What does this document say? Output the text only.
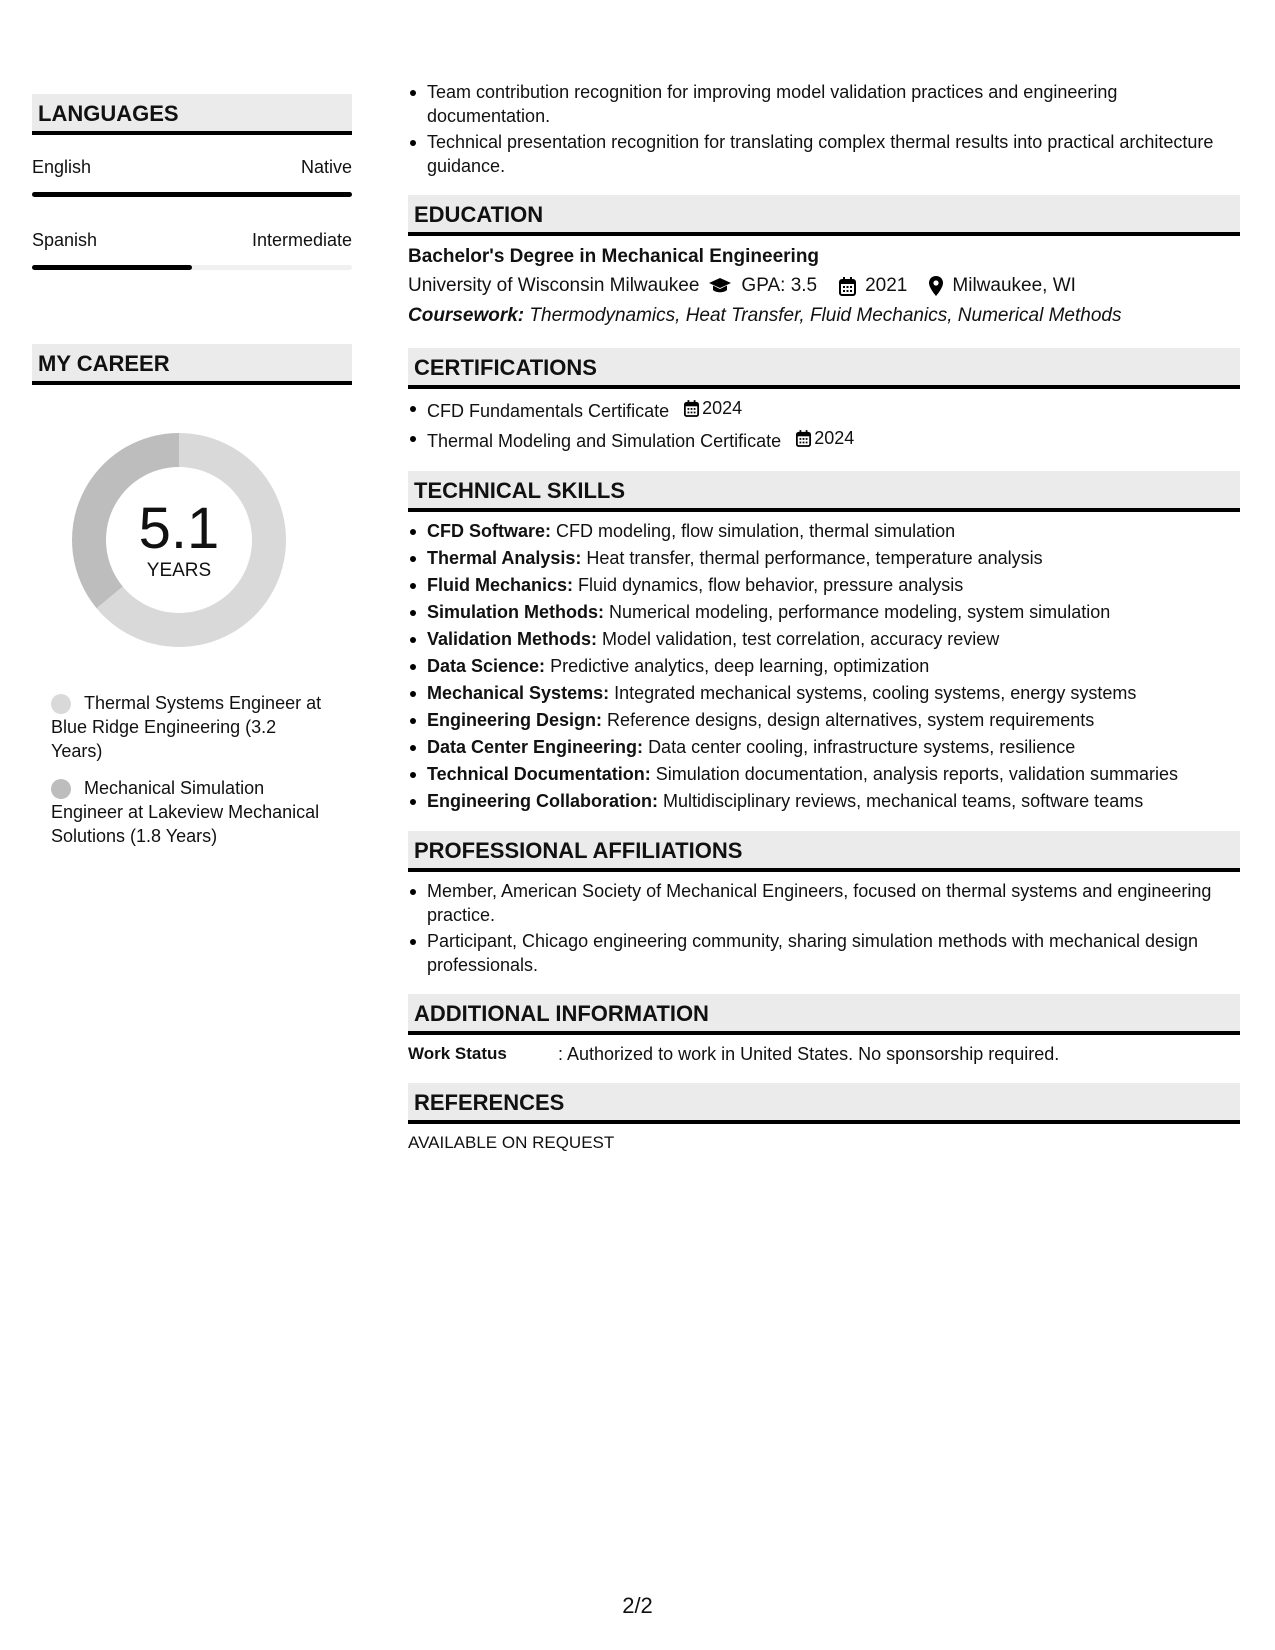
LANGUAGES
English	Native
Spanish	Intermediate
MY CAREER
5.1
YEARS
Thermal Systems Engineer at Blue Ridge Engineering (3.2 Years)
Mechanical Simulation Engineer at Lakeview Mechanical Solutions (1.8 Years)
Team contribution recognition for improving model validation practices and engineering documentation.
Technical presentation recognition for translating complex thermal results into practical architecture guidance.
EDUCATION
Bachelor's Degree in Mechanical Engineering
University of Wisconsin Milwaukee GPA: 3.5	2021 Milwaukee, WI
Coursework: Thermodynamics, Heat Transfer, Fluid Mechanics, Numerical Methods
CERTIFICATIONS
CFD Fundamentals Certificate 2024
Thermal Modeling and Simulation Certificate 2024
TECHNICAL SKILLS
CFD Software: CFD modeling, flow simulation, thermal simulation
Thermal Analysis: Heat transfer, thermal performance, temperature analysis
Fluid Mechanics: Fluid dynamics, flow behavior, pressure analysis
Simulation Methods: Numerical modeling, performance modeling, system simulation
Validation Methods: Model validation, test correlation, accuracy review
Data Science: Predictive analytics, deep learning, optimization
Mechanical Systems: Integrated mechanical systems, cooling systems, energy systems
Engineering Design: Reference designs, design alternatives, system requirements
Data Center Engineering: Data center cooling, infrastructure systems, resilience
Technical Documentation: Simulation documentation, analysis reports, validation summaries
Engineering Collaboration: Multidisciplinary reviews, mechanical teams, software teams
PROFESSIONAL AFFILIATIONS
Member, American Society of Mechanical Engineers, focused on thermal systems and engineering practice.
Participant, Chicago engineering community, sharing simulation methods with mechanical design professionals.
ADDITIONAL INFORMATION
Work Status	: Authorized to work in United States. No sponsorship required.
REFERENCES
AVAILABLE ON REQUEST
2/2
